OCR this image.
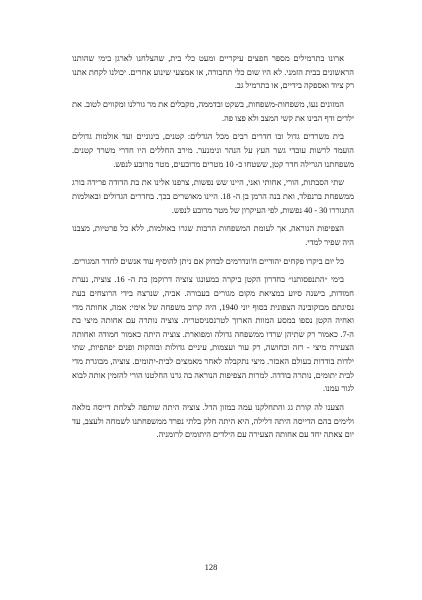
ארונו בתרמילים מספר חפצים עיקריים ומעט כלי בית, שהצלחנו לארגן בימי שהותנו הראשונים בבית הזמני. לא היו שום כלי תחבורה, או אמצעי שינוע אחרים. יכולנו לקחת אתנו רק ציוד ואספקה בידיים, או בתרמיל גב.

המזונים נעו, משפחות-משפחות, בשקט ובדממה, מקבלים את מר גורלנו ומקווים לטוב. את ילדים ודף הבינו את קשי המצב ולא פצו פה.

בית משרדים גדול ובו חדרים רבים מכל הגדלים: קטנים, בינוניים ועד אולמות גדולים הועמד לרשות עובדי גשר העץ על הנהר ונימנער. מירב החללים היו חדרי משרד קטנים. משפחתנו הגרילה חדר קטן, ששטחו כ- 10 מטרים מרובעים, מטר מרובע לנפש.

שתי הסבתות, הורי, אחותי ואני, היינו שש נפשות, צרפנו אלינו את בת הדודה פרידה בורג ממשפחת ברנפלד, ואת בנה הרמן בן ה- 18. היינו מאושרים בכך. בחדרים הגדולים ובאולמות התגוררו 30 - 40 נפשות, לפי העיקרון של מטר מרובע לנפש.

הצפיפות הנוראה, אך לעומת המשפחות הרבות שגרו באולמות, ללא כל פרטיות, מצבנו היה שפיר למדי.

כל יום ביקרו פקחים יהודיים ח'ונדרמים לבדוק אם ניתן להוסיף עוד אנשים לחדר המגורים.

בימי ״התנפסותנו״ בחדרון הקטן ביקרה במעונגו צוציה דרוקמן בת ה- 16. צוציה, נערת חמודות, בישנה סיוע במציאת מקום מגורים בעבורה. אביה, שנרצח בידי הרוצחים בעת נסיגתם מבוקובינה הצפונית בסוף יוני 1940, היה קרוב משפחה של אימי: אמה, אחותה מדי ואחיה הקטן נספו במסע המוות הארוך לטרנסניסטריה. צוציה נותרה עם אחותה מיצי בת ה-7. כאמור רק שתיהן שרדו ממשפחה גדולה ומפוארת. צוציה היתה כאמור חמודה ואחותה הצעירה מיצי - רזה וכחושה, רק עור ועצמות, עיניים גדולות ובוהקות ופנים יפהפיות, שתי ילדות בודדות בעולם האכזר. מיצי נתקבלה לאחר מאמצים לבית-יתומים. צוציה, מבוגרת מדי לבית יתומים, נותרה בודדה. למרות הצפיפות הנוראה בה גרנו החלטנו הורי להזמין אותה לבוא לגור עמנו.

הצענו לה קורת גג והתחלקנו עמה במזון הדל. צוציה היתה שותפה לצלחת דייסה מלאה ולימים בהם הדייסה היתה דלילה, היא היתה חלק בלתי נפרד ממשפחתנו לשמחה ולעצב, עד יום צאתה יחד עם אחותה הצעירה עם הילדים היתומים לרומניה.

128
